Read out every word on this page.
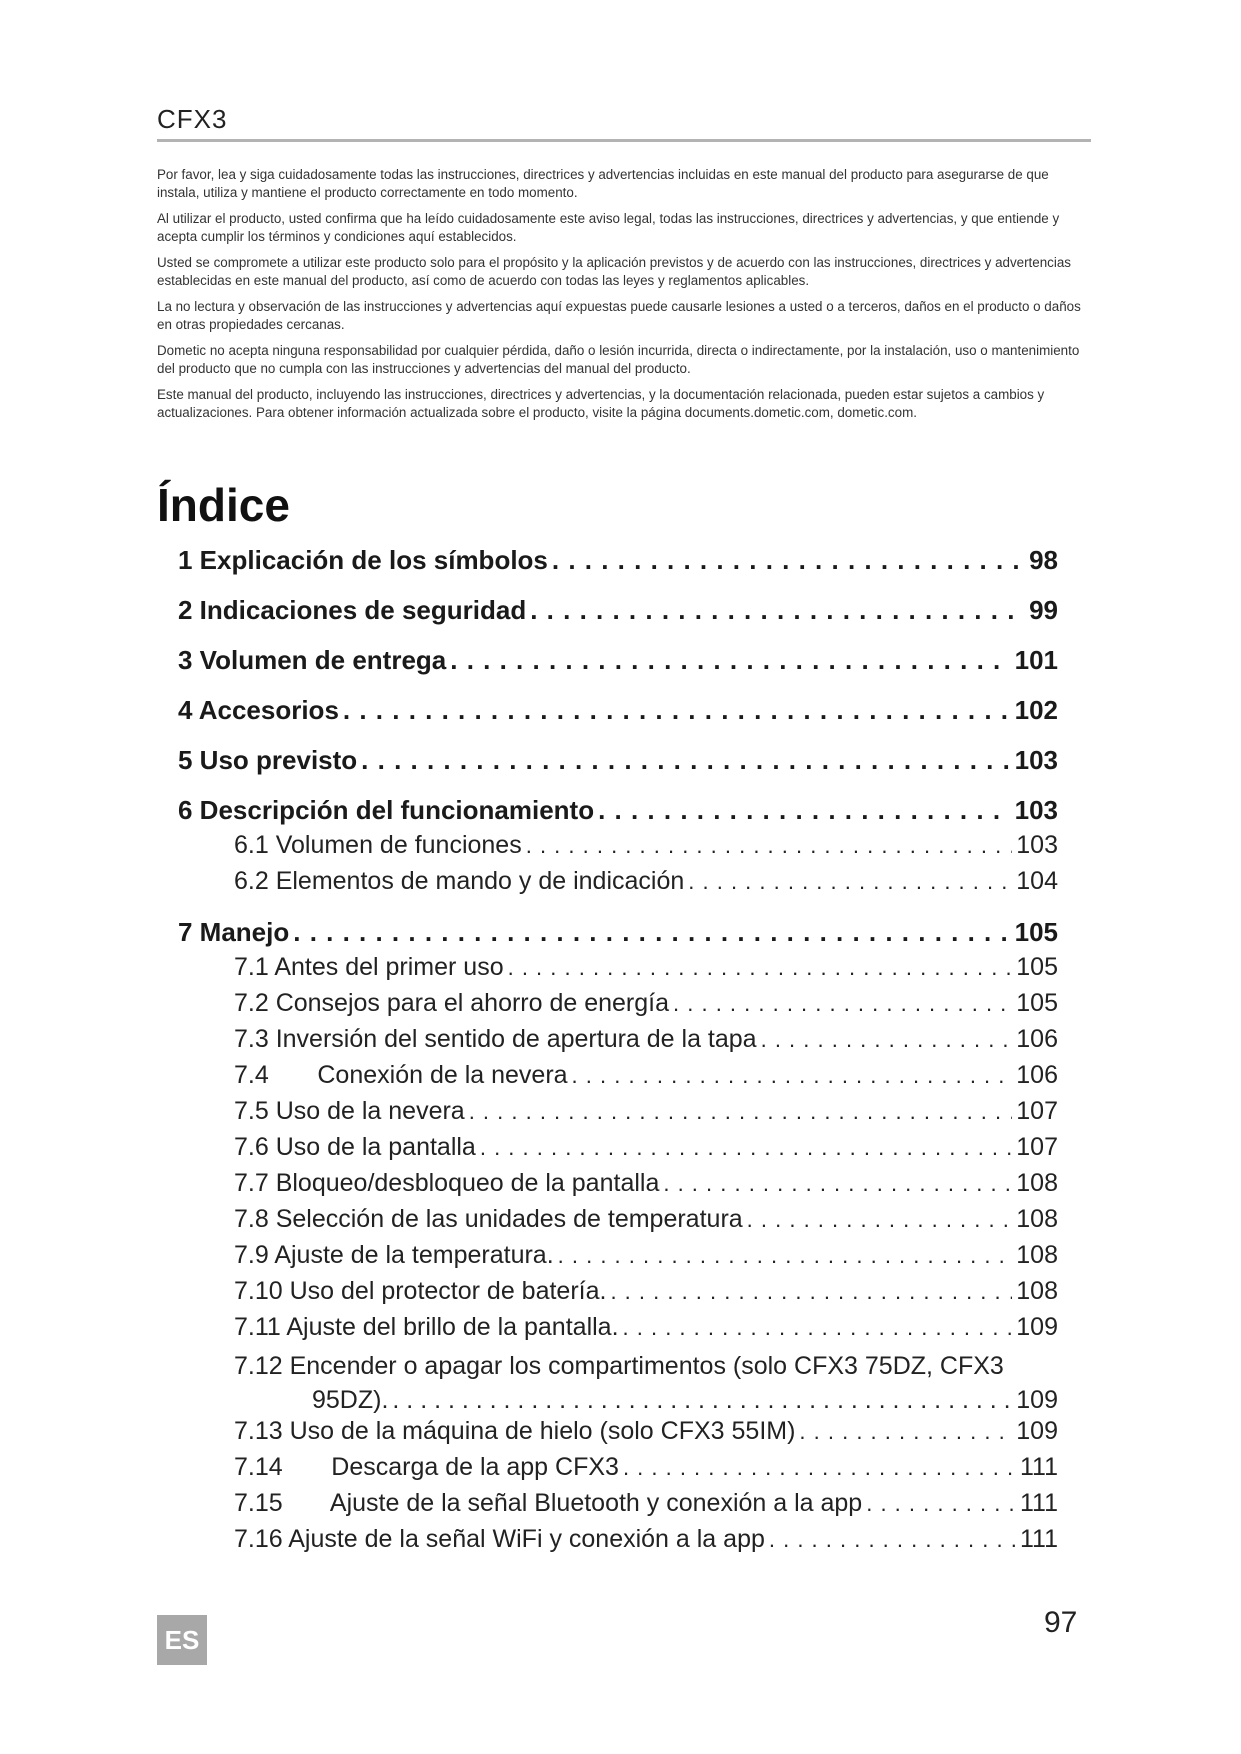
CFX3

Por favor, lea y siga cuidadosamente todas las instrucciones, directrices y advertencias incluidas en este manual del producto para asegurarse de que instala, utiliza y mantiene el producto correctamente en todo momento.

Al utilizar el producto, usted confirma que ha leído cuidadosamente este aviso legal, todas las instrucciones, directrices y advertencias, y que entiende y acepta cumplir los términos y condiciones aquí establecidos.

Usted se compromete a utilizar este producto solo para el propósito y la aplicación previstos y de acuerdo con las instrucciones, directrices y advertencias establecidas en este manual del producto, así como de acuerdo con todas las leyes y reglamentos aplicables.

La no lectura y observación de las instrucciones y advertencias aquí expuestas puede causarle lesiones a usted o a terceros, daños en el producto o daños en otras propiedades cercanas.

Dometic no acepta ninguna responsabilidad por cualquier pérdida, daño o lesión incurrida, directa o indirectamente, por la instalación, uso o mantenimiento del producto que no cumpla con las instrucciones y advertencias del manual del producto.

Este manual del producto, incluyendo las instrucciones, directrices y advertencias, y la documentación relacionada, pueden estar sujetos a cambios y actualizaciones. Para obtener información actualizada sobre el producto, visite la página documents.dometic.com, dometic.com.

Índice
1 Explicación de los símbolos . . .	98
2 Indicaciones de seguridad . . .	99
3 Volumen de entrega . . .	101
4 Accesorios . . .	102
5 Uso previsto . . .	103
6 Descripción del funcionamiento . . .	103
6.1 Volumen de funciones . . .	103
6.2 Elementos de mando y de indicación . . .	104
7 Manejo . . .	105
7.1 Antes del primer uso . . .	105
7.2 Consejos para el ahorro de energía . . .	105
7.3 Inversión del sentido de apertura de la tapa . . .	106
7.4       Conexión de la nevera . . .	106
7.5 Uso de la nevera . . .	107
7.6 Uso de la pantalla . . .	107
7.7 Bloqueo/desbloqueo de la pantalla . . .	108
7.8 Selección de las unidades de temperatura . . .	108
7.9 Ajuste de la temperatura. . . .	108
7.10 Uso del protector de batería. . . .	108
7.11 Ajuste del brillo de la pantalla. . . .	109
7.12 Encender o apagar los compartimentos (solo CFX3 75DZ, CFX3
95DZ). . . .	109
7.13 Uso de la máquina de hielo (solo CFX3 55IM) . . .	109
7.14       Descarga de la app CFX3 . . .	111
7.15       Ajuste de la señal Bluetooth y conexión a la app . . .	111
7.16 Ajuste de la señal WiFi y conexión a la app . . .	111
97
ES
